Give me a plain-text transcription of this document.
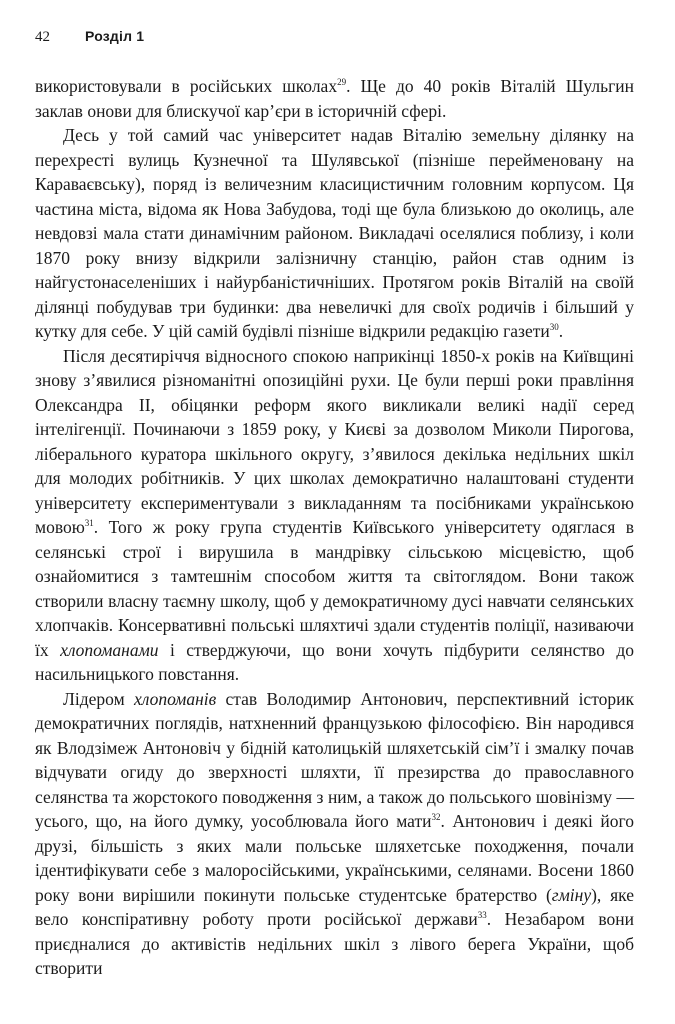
42	Розділ 1

використовували в російських школах$^{29}$. Ще до 40 років Віталій Шульгин заклав онови для блискучої кар’єри в історичній сфері.

Десь у той самий час університет надав Віталію земельну ділянку на перехресті вулиць Кузнечної та Шулявської (пізніше перейменовану на Караваєвську), поряд із величезним класицистичним головним корпусом. Ця частина міста, відома як Нова Забудова, тоді ще була близькою до околиць, але невдовзі мала стати динамічним районом. Викладачі оселялися поблизу, і коли 1870 року внизу відкрили залізничну станцію, район став одним із найгустонаселеніших і найурбаністичніших. Протягом років Віталій на своїй ділянці побудував три будинки: два невеличкі для своїх родичів і більший у кутку для себе. У цій самій будівлі пізніше відкрили редакцію газети$^{30}$.

Після десятиріччя відносного спокою наприкінці 1850-х років на Київщині знову з’явилися різноманітні опозиційні рухи. Це були перші роки правління Олександра II, обіцянки реформ якого викликали великі надії серед інтелігенції. Починаючи з 1859 року, у Києві за дозволом Миколи Пирогова, ліберального куратора шкільного округу, з’явилося декілька недільних шкіл для молодих робітників. У цих школах демократично налаштовані студенти університету експериментували з викладанням та посібниками українською мовою$^{31}$. Того ж року група студентів Київського університету одяглася в селянські строї і вирушила в мандрівку сільською місцевістю, щоб ознайомитися з тамтешнім способом життя та світоглядом. Вони також створили власну таємну школу, щоб у демократичному дусі навчати селянських хлопчаків. Консервативні польські шляхтичі здали студентів поліції, називаючи їх хлопоманами і стверджуючи, що вони хочуть підбурити селянство до насильницького повстання.

Лідером хлопоманів став Володимир Антонович, перспективний історик демократичних поглядів, натхненний французькою філософією. Він народився як Влодзімеж Антоновіч у бідній католицькій шляхетській сім’ї і змалку почав відчувати огиду до зверхності шляхти, її презирства до православного селянства та жорстокого поводження з ним, а також до польського шовінізму — усього, що, на його думку, уособлювала його мати$^{32}$. Антонович і деякі його друзі, більшість з яких мали польське шляхетське походження, почали ідентифікувати себе з малоросійськими, українськими, селянами. Восени 1860 року вони вирішили покинути польське студентське братерство (гміну), яке вело конспіративну роботу проти російської держави$^{33}$. Незабаром вони приєдналися до активістів недільних шкіл з лівого берега України, щоб створити
